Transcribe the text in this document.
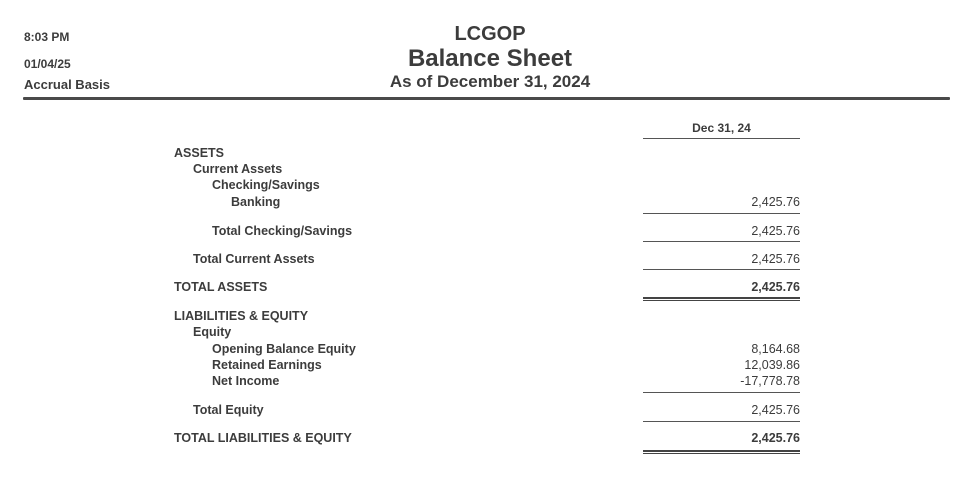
8:03 PM
01/04/25
Accrual Basis
LCGOP
Balance Sheet
As of December 31, 2024
Dec 31, 24
ASSETS
Current Assets
Checking/Savings
Banking	2,425.76
Total Checking/Savings	2,425.76
Total Current Assets	2,425.76
TOTAL ASSETS	2,425.76
LIABILITIES & EQUITY
Equity
Opening Balance Equity	8,164.68
Retained Earnings	12,039.86
Net Income	-17,778.78
Total Equity	2,425.76
TOTAL LIABILITIES & EQUITY	2,425.76
